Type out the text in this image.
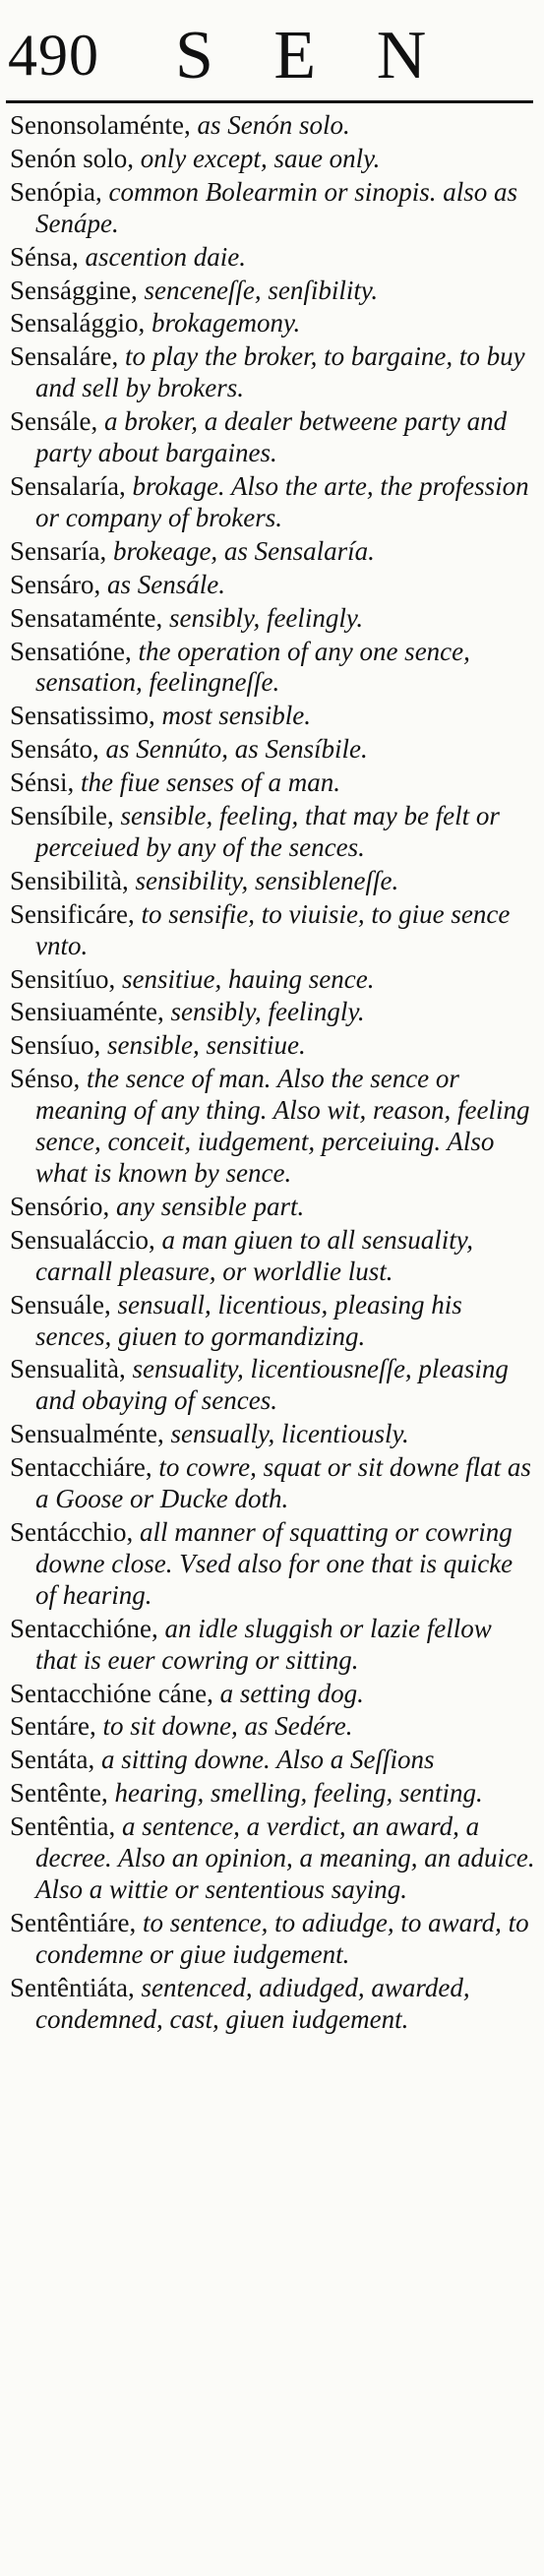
490 S E N
Senonsolaménte, as Senón solo.
Senón solo, only except, saue only.
Senópia, common Bolearmin or sinopis. also as Senápe.
Sénsa, ascention daie.
Sensággine, senceneſſe, senſibility.
Sensalággio, brokagemony.
Sensaláre, to play the broker, to bargaine, to buy and sell by brokers.
Sensále, a broker, a dealer betweene party and party about bargaines.
Sensalaría, brokage. Also the arte, the profession or company of brokers.
Sensaría, brokeage, as Sensalaría.
Sensáro, as Sensále.
Sensataménte, sensibly, feelingly.
Sensatióne, the operation of any one sence, sensation, feelingneſſe.
Sensatissimo, most sensible.
Sensáto, as Sennúto, as Sensíbile.
Sénsi, the fiue senses of a man.
Sensíbile, sensible, feeling, that may be felt or perceiued by any of the sences.
Sensibilità, sensibility, sensibleneſſe.
Sensificáre, to sensifie, to viuisie, to giue sence vnto.
Sensitíuo, sensitiue, hauing sence.
Sensiuaménte, sensibly, feelingly.
Sensíuo, sensible, sensitiue.
Sénso, the sence of man. Also the sence or meaning of any thing. Also wit, reason, feeling sence, conceit, iudgement, perceiuing. Also what is known by sence.
Sensório, any sensible part.
Sensualáccio, a man giuen to all sensuality, carnall pleasure, or worldlie lust.
Sensuále, sensuall, licentious, pleasing his sences, giuen to gormandizing.
Sensualità, sensuality, licentiousneſſe, pleasing and obaying of sences.
Sensualménte, sensually, licentiously.
Sentacchiáre, to cowre, squat or sit downe flat as a Goose or Ducke doth.
Sentácchio, all manner of squatting or cowring downe close. Vsed also for one that is quicke of hearing.
Sentacchióne, an idle sluggish or lazie fellow that is euer cowring or sitting.
Sentacchióne cáne, a setting dog.
Sentáre, to sit downe, as Sedére.
Sentáta, a sitting downe. Also a Seſſions
Sentênte, hearing, smelling, feeling, senting.
Sentêntia, a sentence, a verdict, an award, a decree. Also an opinion, a meaning, an aduice. Also a wittie or sententious saying.
Sentêntiáre, to sentence, to adiudge, to award, to condemne or giue iudgement.
Sentêntiáta, sentenced, adiudged, awarded, condemned, cast, giuen iudgement.
